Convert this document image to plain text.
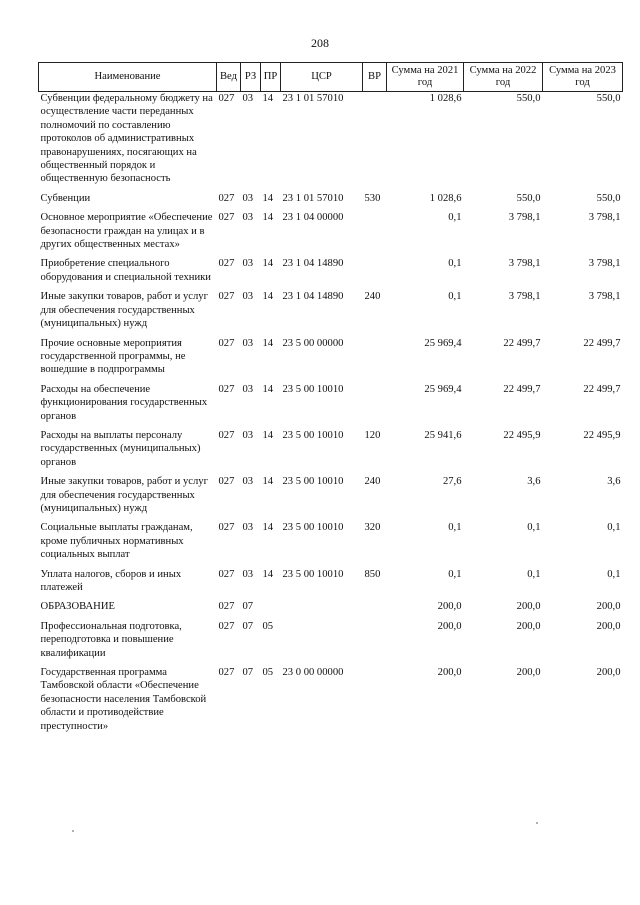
208
Наименование	Вед	РЗ	ПР	ЦСР	ВР	Сумма на 2021 год	Сумма на 2022 год	Сумма на 2023 год
Субвенции федеральному бюджету на осуществление части переданных полномочий по составлению протоколов об административных правонарушениях, посягающих на общественный порядок и общественную безопасность	027	03	14	23 1 01 57010		1 028,6	550,0	550,0
Субвенции	027	03	14	23 1 01 57010	530	1 028,6	550,0	550,0
Основное мероприятие «Обеспечение безопасности граждан на улицах и в других общественных местах»	027	03	14	23 1 04 00000		0,1	3 798,1	3 798,1
Приобретение специального оборудования и специальной техники	027	03	14	23 1 04 14890		0,1	3 798,1	3 798,1
Иные закупки товаров, работ и услуг для обеспечения государственных (муниципальных) нужд	027	03	14	23 1 04 14890	240	0,1	3 798,1	3 798,1
Прочие основные мероприятия государственной программы, не вошедшие в подпрограммы	027	03	14	23 5 00 00000		25 969,4	22 499,7	22 499,7
Расходы на обеспечение функционирования государственных органов	027	03	14	23 5 00 10010		25 969,4	22 499,7	22 499,7
Расходы на выплаты персоналу государственных (муниципальных) органов	027	03	14	23 5 00 10010	120	25 941,6	22 495,9	22 495,9
Иные закупки товаров, работ и услуг для обеспечения государственных (муниципальных) нужд	027	03	14	23 5 00 10010	240	27,6	3,6	3,6
Социальные выплаты гражданам, кроме публичных нормативных социальных выплат	027	03	14	23 5 00 10010	320	0,1	0,1	0,1
Уплата налогов, сборов и иных платежей	027	03	14	23 5 00 10010	850	0,1	0,1	0,1
ОБРАЗОВАНИЕ	027	07				200,0	200,0	200,0
Профессиональная подготовка, переподготовка и повышение квалификации	027	07	05			200,0	200,0	200,0
Государственная программа Тамбовской области «Обеспечение безопасности населения Тамбовской области и противодействие преступности»	027	07	05	23 0 00 00000		200,0	200,0	200,0
